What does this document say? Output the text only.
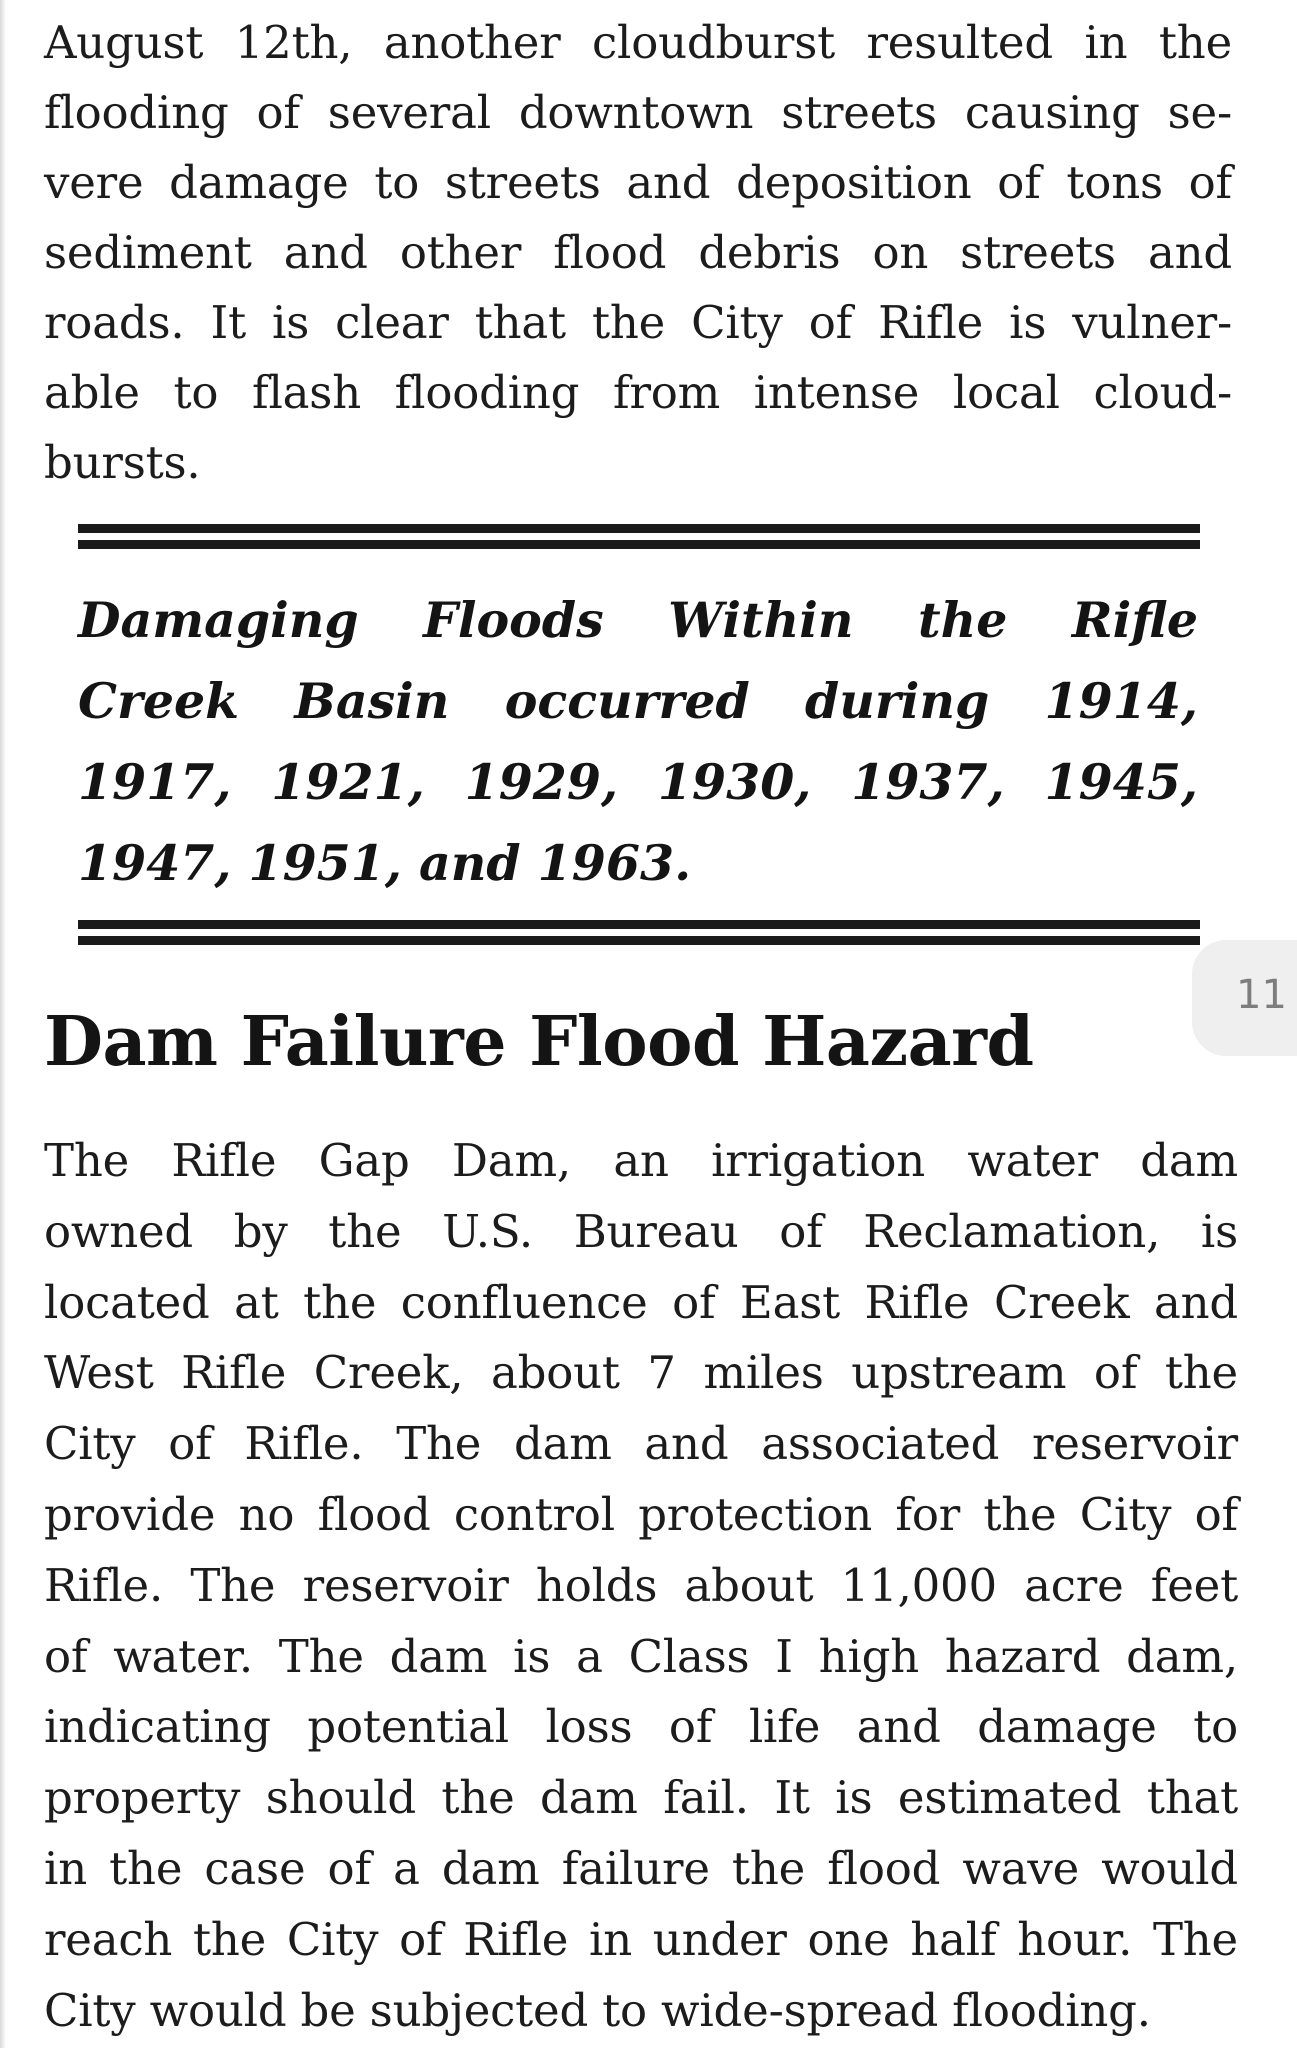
August 12th, another cloudburst resulted in the
flooding of several downtown streets causing se-
vere damage to streets and deposition of tons of
sediment and other flood debris on streets and
roads. It is clear that the City of Rifle is vulner-
able to flash flooding from intense local cloud-
bursts.
Damaging Floods Within the Rifle
Creek Basin occurred during 1914,
1917, 1921, 1929, 1930, 1937, 1945,
1947, 1951, and 1963.
11
Dam Failure Flood Hazard
The Rifle Gap Dam, an irrigation water dam
owned by the U.S. Bureau of Reclamation, is
located at the confluence of East Rifle Creek and
West Rifle Creek, about 7 miles upstream of the
City of Rifle. The dam and associated reservoir
provide no flood control protection for the City of
Rifle. The reservoir holds about 11,000 acre feet
of water. The dam is a Class I high hazard dam,
indicating potential loss of life and damage to
property should the dam fail. It is estimated that
in the case of a dam failure the flood wave would
reach the City of Rifle in under one half hour. The
City would be subjected to wide-spread flooding.
